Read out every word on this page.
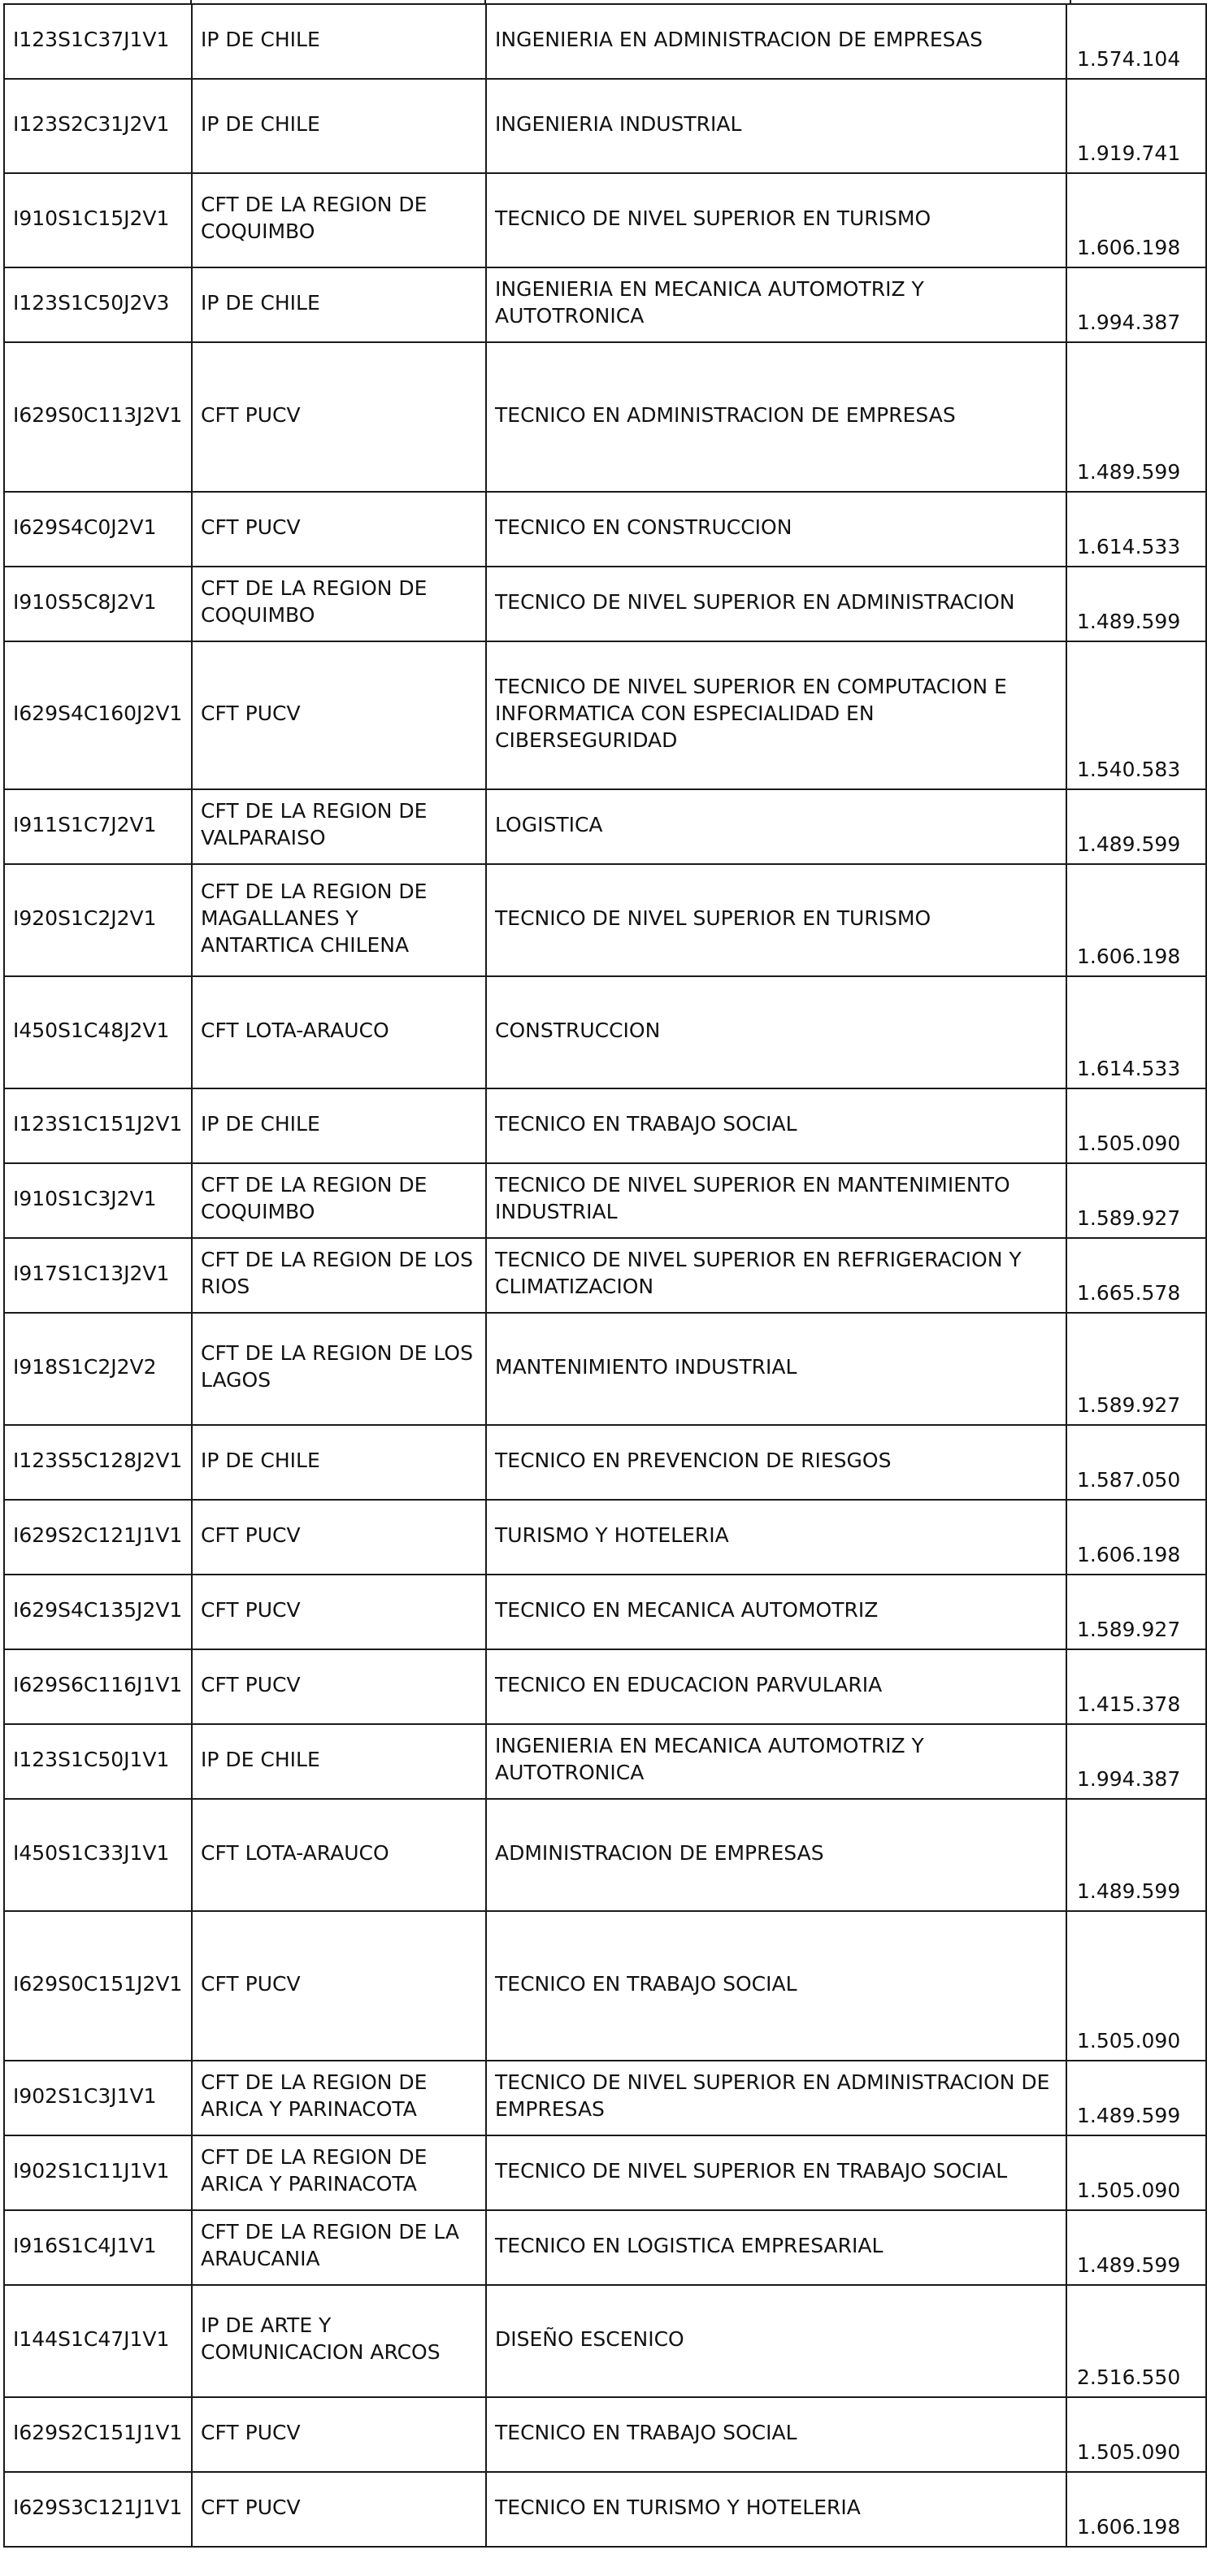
I123S1C37J1V1	IP DE CHILE	INGENIERIA EN ADMINISTRACION DE EMPRESAS	1.574.104

I123S2C31J2V1	IP DE CHILE	INGENIERIA INDUSTRIAL	1.919.741

I910S1C15J2V1	CFT DE LA REGION DE COQUIMBO	TECNICO DE NIVEL SUPERIOR EN TURISMO	1.606.198

I123S1C50J2V3	IP DE CHILE	INGENIERIA EN MECANICA AUTOMOTRIZ Y AUTOTRONICA	1.994.387

I629S0C113J2V1	CFT PUCV	TECNICO EN ADMINISTRACION DE EMPRESAS	1.489.599

I629S4C0J2V1	CFT PUCV	TECNICO EN CONSTRUCCION	1.614.533

I910S5C8J2V1	CFT DE LA REGION DE COQUIMBO	TECNICO DE NIVEL SUPERIOR EN ADMINISTRACION	1.489.599

I629S4C160J2V1	CFT PUCV	TECNICO DE NIVEL SUPERIOR EN COMPUTACION E INFORMATICA CON ESPECIALIDAD EN CIBERSEGURIDAD	1.540.583

I911S1C7J2V1	CFT DE LA REGION DE VALPARAISO	LOGISTICA	1.489.599

I920S1C2J2V1	CFT DE LA REGION DE MAGALLANES Y ANTARTICA CHILENA	TECNICO DE NIVEL SUPERIOR EN TURISMO	1.606.198

I450S1C48J2V1	CFT LOTA-ARAUCO	CONSTRUCCION	1.614.533

I123S1C151J2V1	IP DE CHILE	TECNICO EN TRABAJO SOCIAL	1.505.090

I910S1C3J2V1	CFT DE LA REGION DE COQUIMBO	TECNICO DE NIVEL SUPERIOR EN MANTENIMIENTO INDUSTRIAL	1.589.927

I917S1C13J2V1	CFT DE LA REGION DE LOS RIOS	TECNICO DE NIVEL SUPERIOR EN REFRIGERACION Y CLIMATIZACION	1.665.578

I918S1C2J2V2	CFT DE LA REGION DE LOS LAGOS	MANTENIMIENTO INDUSTRIAL	1.589.927

I123S5C128J2V1	IP DE CHILE	TECNICO EN PREVENCION DE RIESGOS	1.587.050

I629S2C121J1V1	CFT PUCV	TURISMO Y HOTELERIA	1.606.198

I629S4C135J2V1	CFT PUCV	TECNICO EN MECANICA AUTOMOTRIZ	1.589.927

I629S6C116J1V1	CFT PUCV	TECNICO EN EDUCACION PARVULARIA	1.415.378

I123S1C50J1V1	IP DE CHILE	INGENIERIA EN MECANICA AUTOMOTRIZ Y AUTOTRONICA	1.994.387

I450S1C33J1V1	CFT LOTA-ARAUCO	ADMINISTRACION DE EMPRESAS	1.489.599

I629S0C151J2V1	CFT PUCV	TECNICO EN TRABAJO SOCIAL	1.505.090

I902S1C3J1V1	CFT DE LA REGION DE ARICA Y PARINACOTA	TECNICO DE NIVEL SUPERIOR EN ADMINISTRACION DE EMPRESAS	1.489.599

I902S1C11J1V1	CFT DE LA REGION DE ARICA Y PARINACOTA	TECNICO DE NIVEL SUPERIOR EN TRABAJO SOCIAL	1.505.090

I916S1C4J1V1	CFT DE LA REGION DE LA ARAUCANIA	TECNICO EN LOGISTICA EMPRESARIAL	1.489.599

I144S1C47J1V1	IP DE ARTE Y COMUNICACION ARCOS	DISEÑO ESCENICO	2.516.550

I629S2C151J1V1	CFT PUCV	TECNICO EN TRABAJO SOCIAL	1.505.090

I629S3C121J1V1	CFT PUCV	TECNICO EN TURISMO Y HOTELERIA	1.606.198
